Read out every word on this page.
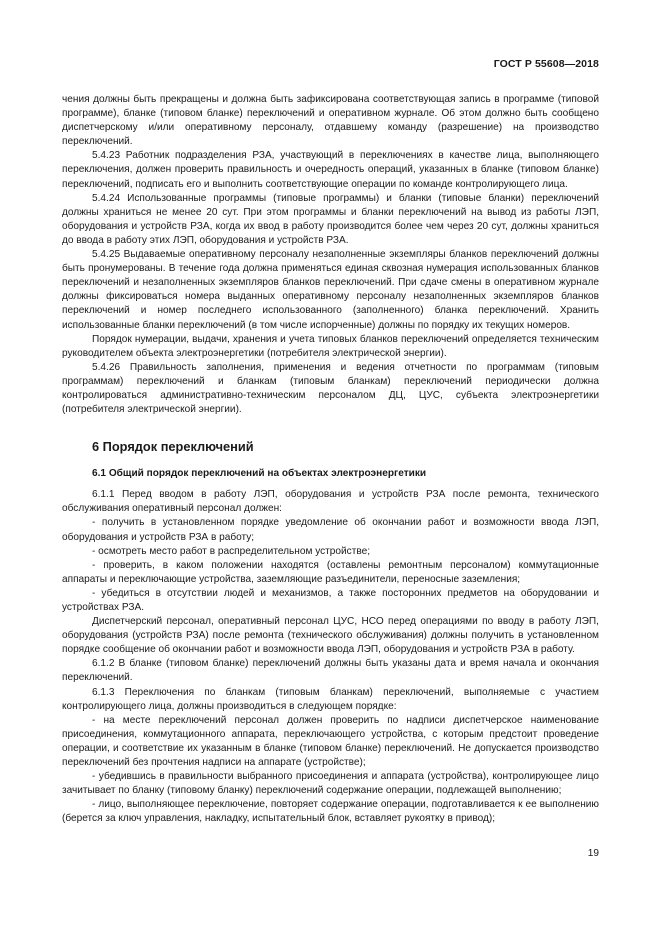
ГОСТ Р 55608—2018

чения должны быть прекращены и должна быть зафиксирована соответствующая запись в программе (типовой программе), бланке (типовом бланке) переключений и оперативном журнале. Об этом должно быть сообщено диспетчерскому и/или оперативному персоналу, отдавшему команду (разрешение) на производство переключений.

5.4.23 Работник подразделения РЗА, участвующий в переключениях в качестве лица, выполняющего переключения, должен проверить правильность и очередность операций, указанных в бланке (типовом бланке) переключений, подписать его и выполнить соответствующие операции по команде контролирующего лица.

5.4.24 Использованные программы (типовые программы) и бланки (типовые бланки) переключений должны храниться не менее 20 сут. При этом программы и бланки переключений на вывод из работы ЛЭП, оборудования и устройств РЗА, когда их ввод в работу производится более чем через 20 сут, должны храниться до ввода в работу этих ЛЭП, оборудования и устройств РЗА.

5.4.25 Выдаваемые оперативному персоналу незаполненные экземпляры бланков переключений должны быть пронумерованы. В течение года должна применяться единая сквозная нумерация использованных бланков переключений и незаполненных экземпляров бланков переключений. При сдаче смены в оперативном журнале должны фиксироваться номера выданных оперативному персоналу незаполненных экземпляров бланков переключений и номер последнего использованного (заполненного) бланка переключений. Хранить использованные бланки переключений (в том числе испорченные) должны по порядку их текущих номеров.

Порядок нумерации, выдачи, хранения и учета типовых бланков переключений определяется техническим руководителем объекта электроэнергетики (потребителя электрической энергии).

5.4.26 Правильность заполнения, применения и ведения отчетности по программам (типовым программам) переключений и бланкам (типовым бланкам) переключений периодически должна контролироваться административно-техническим персоналом ДЦ, ЦУС, субъекта электроэнергетики (потребителя электрической энергии).

6 Порядок переключений
6.1 Общий порядок переключений на объектах электроэнергетики

6.1.1 Перед вводом в работу ЛЭП, оборудования и устройств РЗА после ремонта, технического обслуживания оперативный персонал должен:

- получить в установленном порядке уведомление об окончании работ и возможности ввода ЛЭП, оборудования и устройств РЗА в работу;

- осмотреть место работ в распределительном устройстве;

- проверить, в каком положении находятся (оставлены ремонтным персоналом) коммутационные аппараты и переключающие устройства, заземляющие разъединители, переносные заземления;

- убедиться в отсутствии людей и механизмов, а также посторонних предметов на оборудовании и устройствах РЗА.

Диспетчерский персонал, оперативный персонал ЦУС, НСО перед операциями по вводу в работу ЛЭП, оборудования (устройств РЗА) после ремонта (технического обслуживания) должны получить в установленном порядке сообщение об окончании работ и возможности ввода ЛЭП, оборудования и устройств РЗА в работу.

6.1.2 В бланке (типовом бланке) переключений должны быть указаны дата и время начала и окончания переключений.

6.1.3 Переключения по бланкам (типовым бланкам) переключений, выполняемые с участием контролирующего лица, должны производиться в следующем порядке:

- на месте переключений персонал должен проверить по надписи диспетчерское наименование присоединения, коммутационного аппарата, переключающего устройства, с которым предстоит проведение операции, и соответствие их указанным в бланке (типовом бланке) переключений. Не допускается производство переключений без прочтения надписи на аппарате (устройстве);

- убедившись в правильности выбранного присоединения и аппарата (устройства), контролирующее лицо зачитывает по бланку (типовому бланку) переключений содержание операции, подлежащей выполнению;

- лицо, выполняющее переключение, повторяет содержание операции, подготавливается к ее выполнению (берется за ключ управления, накладку, испытательный блок, вставляет рукоятку в привод);

19
